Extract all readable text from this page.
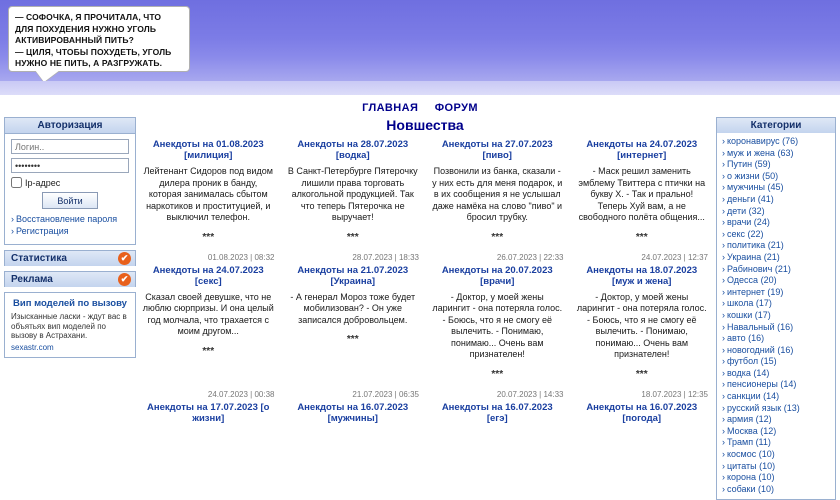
— СОФОЧКА, Я ПРОЧИТАЛА, ЧТО

ДЛЯ ПОХУДЕНИЯ НУЖНО УГОЛЬ

АКТИВИРОВАННЫЙ ПИТЬ?

— ЦИЛЯ, ЧТОБЫ ПОХУДЕТЬ, УГОЛЬ

НУЖНО НЕ ПИТЬ, А РАЗГРУЖАТЬ.

ГЛАВНАЯ ФОРУМ
Авторизация
Логин..
••••••••
Ip-адрес
Войти
› Восстановление пароля
› Регистрация
Статистика	✔
Реклама	✔
Вип моделей по вызову
Изысканные ласки - ждут вас в объятьях вип моделей по вызову в Астрахани.
sexastr.com
Новшества
Анекдоты на 01.08.2023 [милиция]
Лейтенант Сидоров под видом дилера проник в банду, которая занималась сбытом наркотиков и проституцией, и выключил телефон.
***
Анекдоты на 28.07.2023 [водка]
В Санкт-Петербурге Пятерочку лишили права торговать алкогольной продукцией. Так что теперь Пятерочка не выручает!
***
Анекдоты на 27.07.2023 [пиво]
Позвонили из банка, сказали - у них есть для меня подарок, и в их сообщения я не услышал даже намёка на слово "пиво" и бросил трубку.
***
Анекдоты на 24.07.2023 [интернет]
- Маск решил заменить эмблему Твиттера с птички на букву Х. - Так и прально! Теперь Хуй вам, а не свободного полёта общения...
***
01.08.2023 | 08:32
Анекдоты на 24.07.2023 [секс]
Сказал своей девушке, что не люблю сюрпризы. И она целый год молчала, что трахается с моим другом...
***
28.07.2023 | 18:33
Анекдоты на 21.07.2023 [Украина]
- А генерал Мороз тоже будет мобилизован? - Он уже записался добровольцем.
***
26.07.2023 | 22:33
Анекдоты на 20.07.2023 [врачи]
- Доктор, у моей жены ларингит - она потеряла голос. - Боюсь, что я не смогу её вылечить. - Понимаю, понимаю... Очень вам признателен!
***
24.07.2023 | 12:37
Анекдоты на 18.07.2023 [муж и жена]
- Доктор, у моей жены ларингит - она потеряла голос. - Боюсь, что я не смогу её вылечить. - Понимаю, понимаю... Очень вам признателен!
***
24.07.2023 | 00:38
Анекдоты на 17.07.2023 [о жизни]
21.07.2023 | 06:35
Анекдоты на 16.07.2023 [мужчины]
20.07.2023 | 14:33
Анекдоты на 16.07.2023 [егэ]
18.07.2023 | 12:35
Анекдоты на 16.07.2023 [погода]
Категории
› коронавирус (76)
› муж и жена (63)
› Путин (59)
› о жизни (50)
› мужчины (45)
› деньги (41)
› дети (32)
› врачи (24)
› секс (22)
› политика (21)
› Украина (21)
› Рабинович (21)
› Одесса (20)
› интернет (19)
› школа (17)
› кошки (17)
› Навальный (16)
› авто (16)
› новогодний (16)
› футбол (15)
› водка (14)
› пенсионеры (14)
› санкции (14)
› русский язык (13)
› армия (12)
› Москва (12)
› Трамп (11)
› космос (10)
› цитаты (10)
› корона (10)
› собаки (10)
